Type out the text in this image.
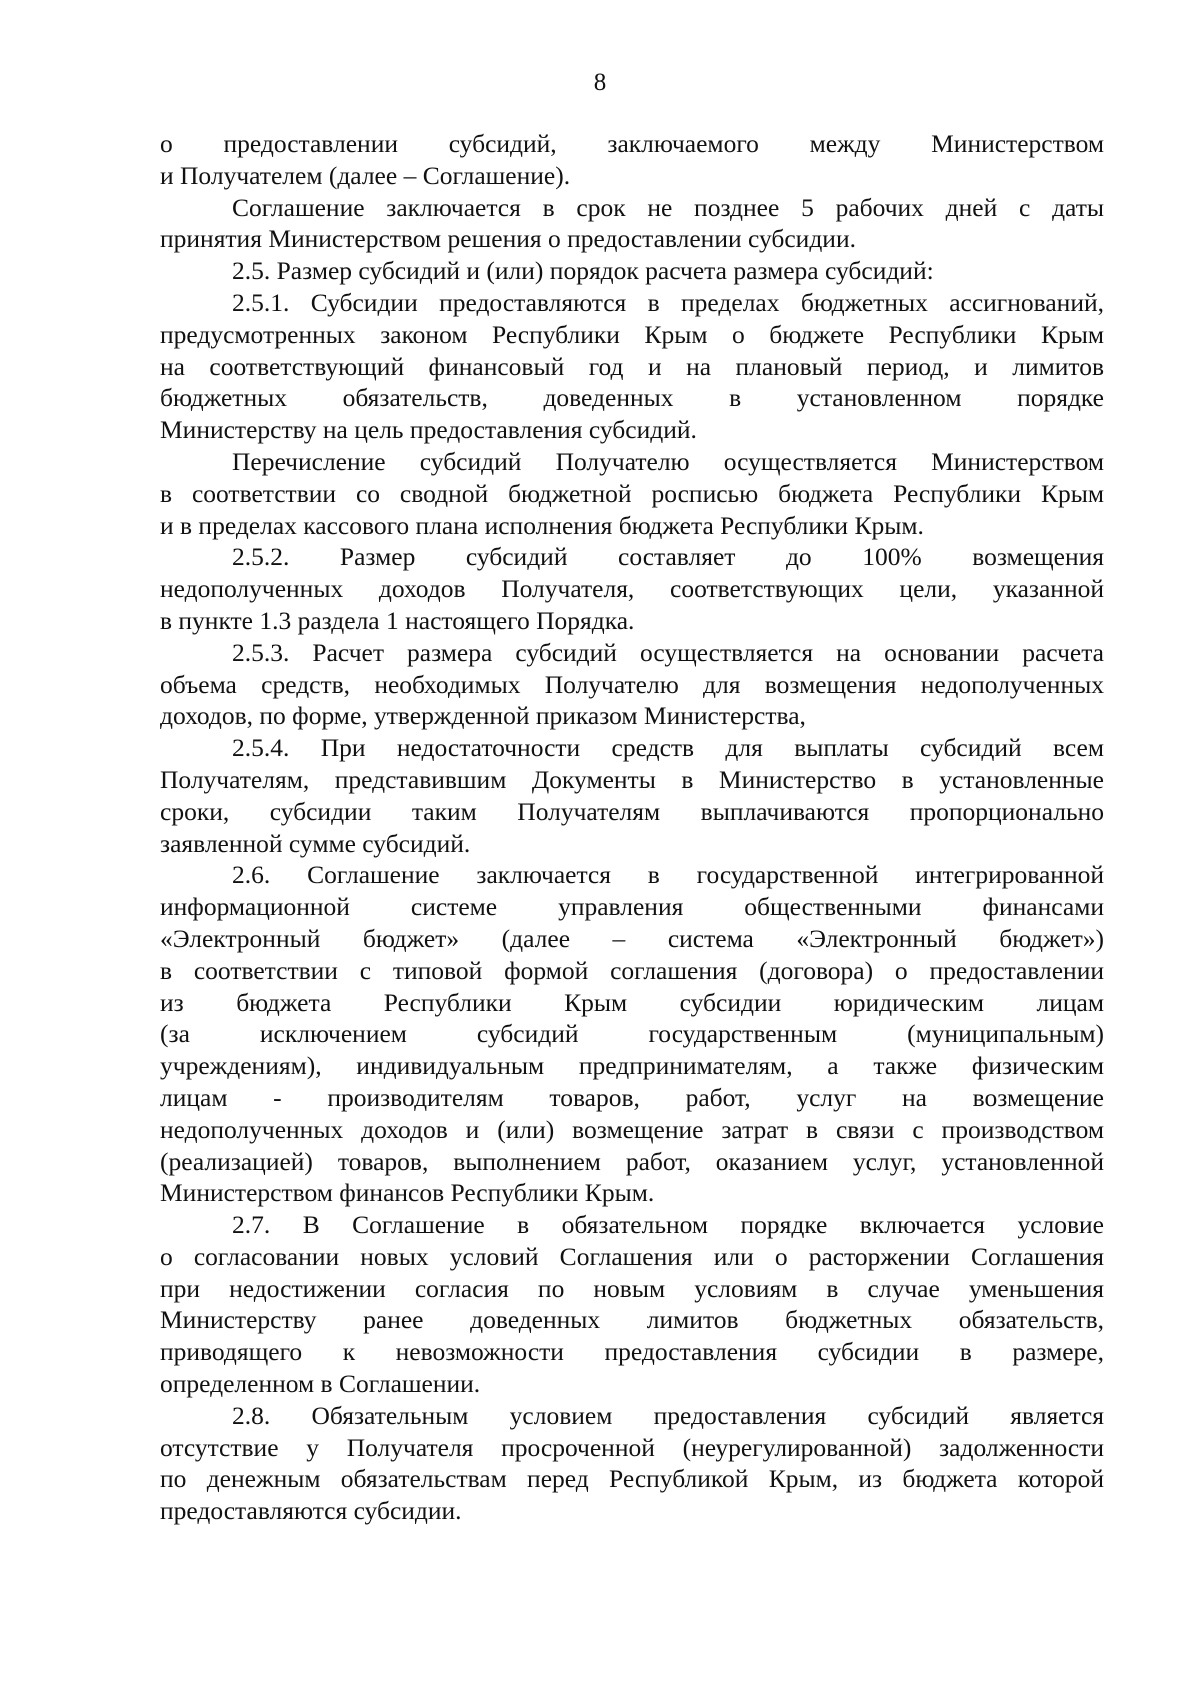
8

о предоставлении субсидий, заключаемого между Министерством

и Получателем (далее – Соглашение).

Соглашение заключается в срок не позднее 5 рабочих дней с даты

принятия Министерством решения о предоставлении субсидии.

2.5. Размер субсидий и (или) порядок расчета размера субсидий:

2.5.1. Субсидии предоставляются в пределах бюджетных ассигнований,

предусмотренных законом Республики Крым о бюджете Республики Крым

на соответствующий финансовый год и на плановый период, и лимитов

бюджетных обязательств, доведенных в установленном порядке

Министерству на цель предоставления субсидий.

Перечисление субсидий Получателю осуществляется Министерством

в соответствии со сводной бюджетной росписью бюджета Республики Крым

и в пределах кассового плана исполнения бюджета Республики Крым.

2.5.2. Размер субсидий составляет до 100% возмещения

недополученных доходов Получателя, соответствующих цели, указанной

в пункте 1.3 раздела 1 настоящего Порядка.

2.5.3. Расчет размера субсидий осуществляется на основании расчета

объема средств, необходимых Получателю для возмещения недополученных

доходов, по форме, утвержденной приказом Министерства,

2.5.4. При недостаточности средств для выплаты субсидий всем

Получателям, представившим Документы в Министерство в установленные

сроки, субсидии таким Получателям выплачиваются пропорционально

заявленной сумме субсидий.

2.6. Соглашение заключается в государственной интегрированной

информационной системе управления общественными финансами

«Электронный бюджет» (далее – система «Электронный бюджет»)

в соответствии с типовой формой соглашения (договора) о предоставлении

из бюджета Республики Крым субсидии юридическим лицам

(за исключением субсидий государственным (муниципальным)

учреждениям), индивидуальным предпринимателям, а также физическим

лицам - производителям товаров, работ, услуг на возмещение

недополученных доходов и (или) возмещение затрат в связи с производством

(реализацией) товаров, выполнением работ, оказанием услуг, установленной

Министерством финансов Республики Крым.

2.7. В Соглашение в обязательном порядке включается условие

о согласовании новых условий Соглашения или о расторжении Соглашения

при недостижении согласия по новым условиям в случае уменьшения

Министерству ранее доведенных лимитов бюджетных обязательств,

приводящего к невозможности предоставления субсидии в размере,

определенном в Соглашении.

2.8. Обязательным условием предоставления субсидий является

отсутствие у Получателя просроченной (неурегулированной) задолженности

по денежным обязательствам перед Республикой Крым, из бюджета которой

предоставляются субсидии.
